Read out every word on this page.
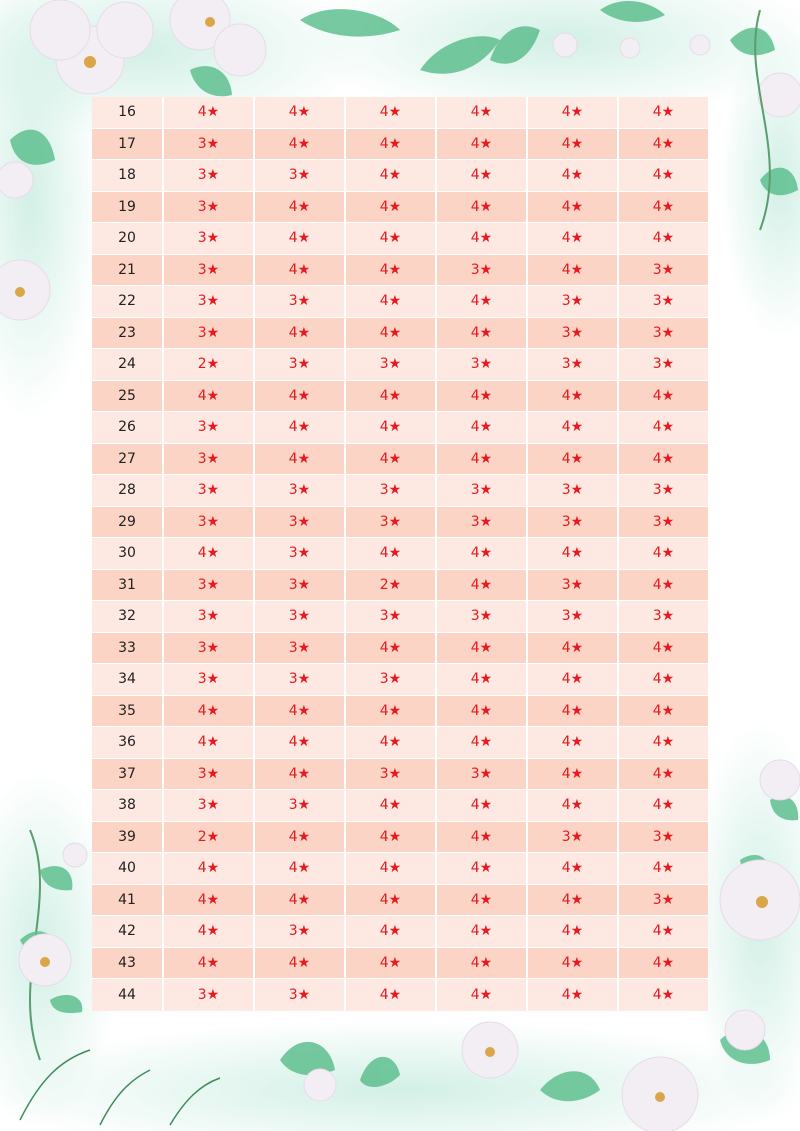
16	4★	4★	4★	4★	4★	4★
17	3★	4★	4★	4★	4★	4★
18	3★	3★	4★	4★	4★	4★
19	3★	4★	4★	4★	4★	4★
20	3★	4★	4★	4★	4★	4★
21	3★	4★	4★	3★	4★	3★
22	3★	3★	4★	4★	3★	3★
23	3★	4★	4★	4★	3★	3★
24	2★	3★	3★	3★	3★	3★
25	4★	4★	4★	4★	4★	4★
26	3★	4★	4★	4★	4★	4★
27	3★	4★	4★	4★	4★	4★
28	3★	3★	3★	3★	3★	3★
29	3★	3★	3★	3★	3★	3★
30	4★	3★	4★	4★	4★	4★
31	3★	3★	2★	4★	3★	4★
32	3★	3★	3★	3★	3★	3★
33	3★	3★	4★	4★	4★	4★
34	3★	3★	3★	4★	4★	4★
35	4★	4★	4★	4★	4★	4★
36	4★	4★	4★	4★	4★	4★
37	3★	4★	3★	3★	4★	4★
38	3★	3★	4★	4★	4★	4★
39	2★	4★	4★	4★	3★	3★
40	4★	4★	4★	4★	4★	4★
41	4★	4★	4★	4★	4★	3★
42	4★	3★	4★	4★	4★	4★
43	4★	4★	4★	4★	4★	4★
44	3★	3★	4★	4★	4★	4★
